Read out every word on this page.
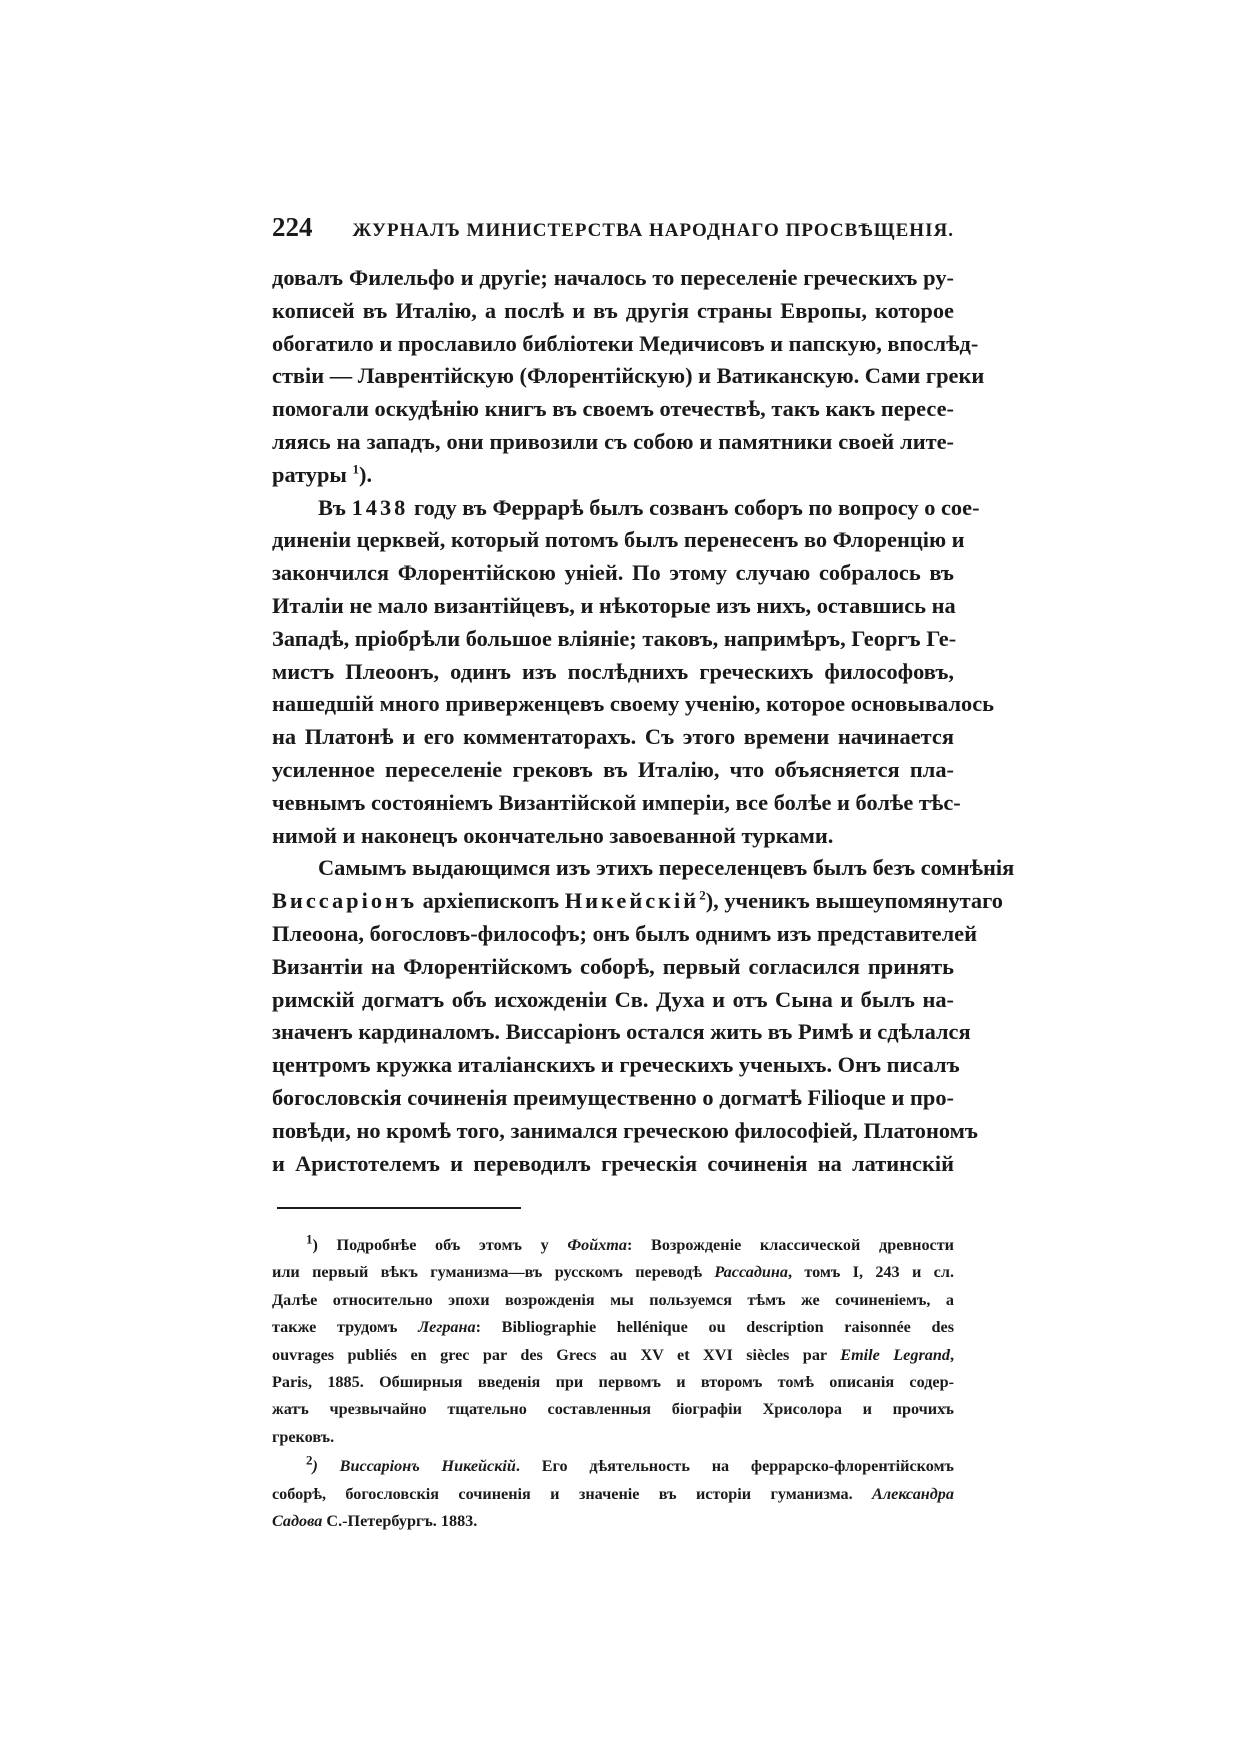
224 ЖУРНАЛЪ МИНИСТЕРСТВА НАРОДНАГО ПРОСВѢЩЕНІЯ.
довалъ Филельфо и другіе; началось то переселеніе греческихъ ру-
кописей въ Италію, а послѣ и въ другія страны Европы, которое
обогатило и прославило библіотеки Медичисовъ и папскую, впослѣд-
ствіи — Лаврентійскую (Флорентійскую) и Ватиканскую. Сами греки
помогали оскудѣнію книгъ въ своемъ отечествѣ, такъ какъ пересе-
ляясь на западъ, они привозили съ собою и памятники своей лите-
ратуры $^1$).
Въ 1438 году въ Феррарѣ былъ созванъ соборъ по вопросу о сое-
диненіи церквей, который потомъ былъ перенесенъ во Флоренцію и
закончился Флорентійскою уніей. По этому случаю собралось въ
Италіи не мало византійцевъ, и нѣкоторые изъ нихъ, оставшись на
Западѣ, пріобрѣли большое вліяніе; таковъ, напримѣръ, Георгъ Ге-
мистъ Плеоонъ, одинъ изъ послѣднихъ греческихъ философовъ,
нашедшій много приверженцевъ своему ученію, которое основывалось
на Платонѣ и его комментаторахъ. Съ этого времени начинается
усиленное переселеніе грековъ въ Италію, что объясняется пла-
чевнымъ состояніемъ Византійской имперіи, все болѣе и болѣе тѣс-
нимой и наконецъ окончательно завоеванной турками.
Самымъ выдающимся изъ этихъ переселенцевъ былъ безъ сомнѣнія
Виссаріонъ архіепископъ Никейскій$^2$), ученикъ вышеупомянутаго
Плеоона, богословъ-философъ; онъ былъ однимъ изъ представителей
Византіи на Флорентійскомъ соборѣ, первый согласился принять
римскій догматъ объ исхожденіи Св. Духа и отъ Сына и былъ на-
значенъ кардиналомъ. Виссаріонъ остался жить въ Римѣ и сдѣлался
центромъ кружка италіанскихъ и греческихъ ученыхъ. Онъ писалъ
богословскія сочиненія преимущественно о догматѣ Filioque и про-
повѣди, но кромѣ того, занимался греческою философіей, Платономъ
и Аристотелемъ и переводилъ греческія сочиненія на латинскій
$^1$) Подробнѣе объ этомъ у Фойхта: Возрожденіе классической древности
или первый вѣкъ гуманизма—въ русскомъ переводѣ Рассадина, томъ I, 243 и сл.
Далѣе относительно эпохи возрожденія мы пользуемся тѣмъ же сочиненіемъ, а
также трудомъ Леграна: Bibliographie hellénique ou description raisonnée des
ouvrages publiés en grec par des Grecs au XV et XVI siècles par Emile Legrand,
Paris, 1885. Обширныя введенія при первомъ и второмъ томѣ описанія содер-
жатъ чрезвычайно тщательно составленныя біографіи Хрисолора и прочихъ
грековъ.
$^2$) Виссаріонъ Никейскій. Его дѣятельность на феррарско-флорентійскомъ
соборѣ, богословскія сочиненія и значеніе въ исторіи гуманизма. Александра
Садова С.-Петербургъ. 1883.
